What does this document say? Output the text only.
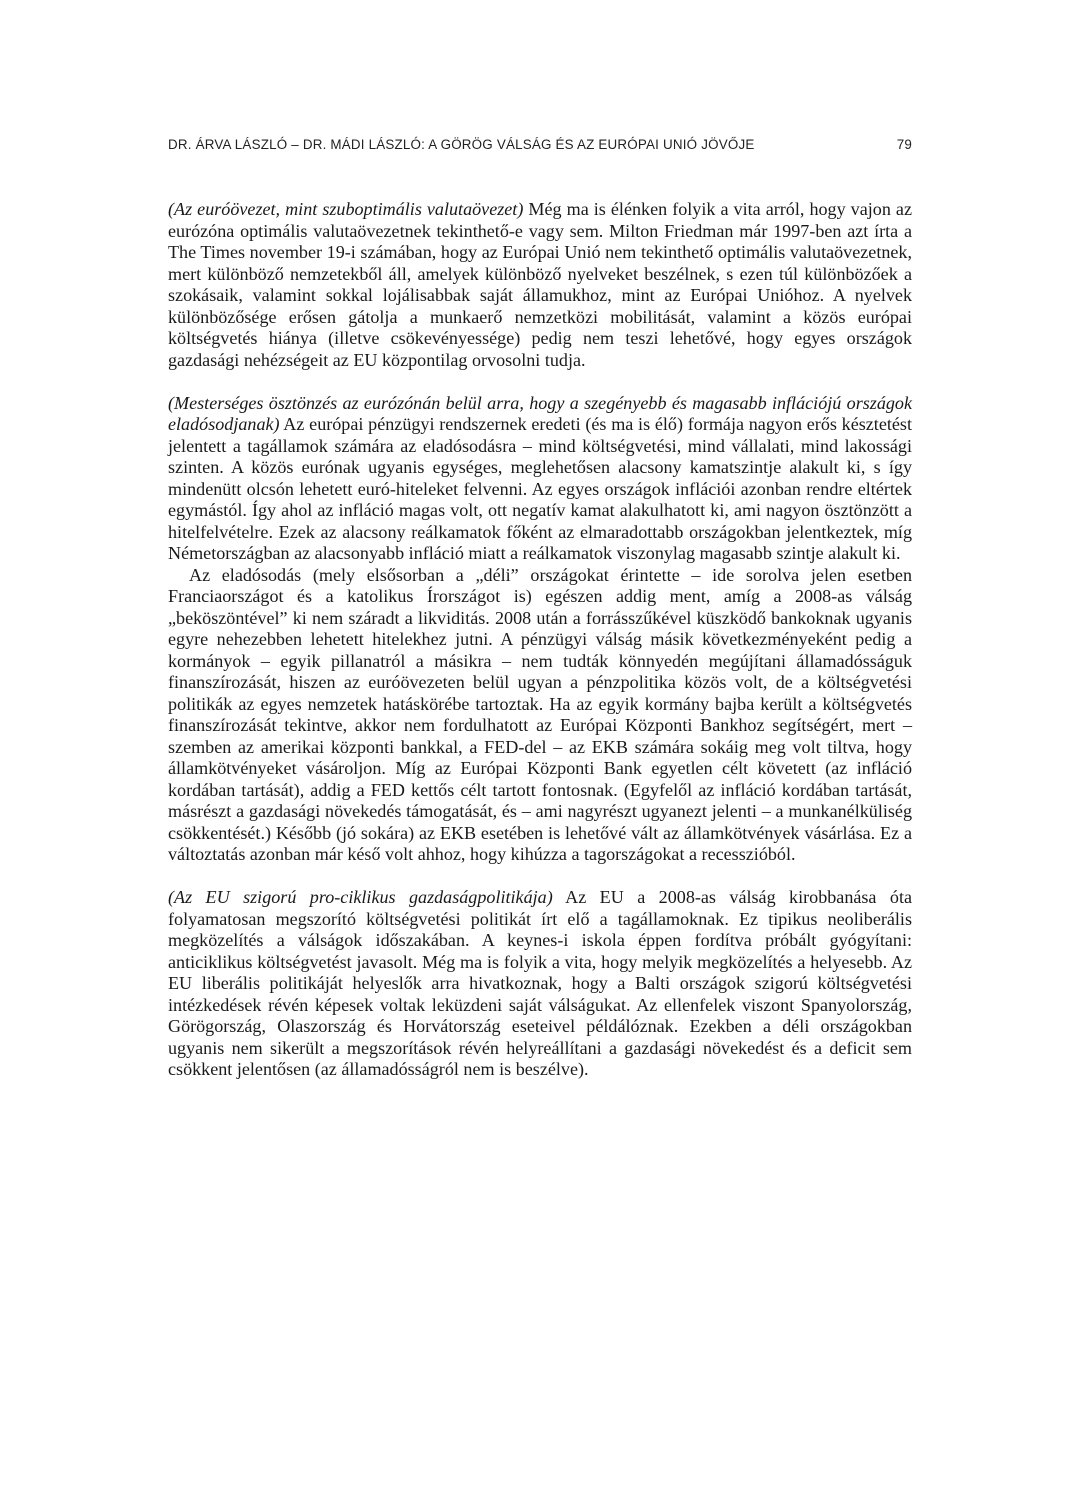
DR. ÁRVA LÁSZLÓ – DR. MÁDI LÁSZLÓ: A GÖRÖG VÁLSÁG ÉS AZ EURÓPAI UNIÓ JÖVŐJE	79

(Az euróövezet, mint szuboptimális valutaövezet) Még ma is élénken folyik a vita arról, hogy vajon az eurózóna optimális valutaövezetnek tekinthető-e vagy sem. Milton Friedman már 1997-ben azt írta a The Times november 19-i számában, hogy az Európai Unió nem tekinthető optimális valutaövezetnek, mert különböző nemzetekből áll, amelyek különböző nyelveket beszélnek, s ezen túl különbözőek a szokásaik, valamint sokkal lojálisabbak saját államukhoz, mint az Európai Unióhoz. A nyelvek különbözősége erősen gátolja a munkaerő nemzetközi mobilitását, valamint a közös európai költségvetés hiánya (illetve csökevényessége) pedig nem teszi lehetővé, hogy egyes országok gazdasági nehézségeit az EU központilag orvosolni tudja.

(Mesterséges ösztönzés az eurózónán belül arra, hogy a szegényebb és magasabb inflációjú országok eladósodjanak) Az európai pénzügyi rendszernek eredeti (és ma is élő) formája nagyon erős késztetést jelentett a tagállamok számára az eladósodásra – mind költségvetési, mind vállalati, mind lakossági szinten. A közös eurónak ugyanis egységes, meglehetősen alacsony kamatszintje alakult ki, s így mindenütt olcsón lehetett euró-hiteleket felvenni. Az egyes országok inflációi azonban rendre eltértek egymástól. Így ahol az infláció magas volt, ott negatív kamat alakulhatott ki, ami nagyon ösztönzött a hitelfelvételre. Ezek az alacsony reálkamatok főként az elmaradottabb országokban jelentkeztek, míg Németországban az alacsonyabb infláció miatt a reálkamatok viszonylag magasabb szintje alakult ki.

Az eladósodás (mely elsősorban a „déli” országokat érintette – ide sorolva jelen esetben Franciaországot és a katolikus Írországot is) egészen addig ment, amíg a 2008-as válság „beköszöntével” ki nem száradt a likviditás. 2008 után a forrásszűkével küszködő bankoknak ugyanis egyre nehezebben lehetett hitelekhez jutni. A pénzügyi válság másik következményeként pedig a kormányok – egyik pillanatról a másikra – nem tudták könnyedén megújítani államadósságuk finanszírozását, hiszen az euróövezeten belül ugyan a pénzpolitika közös volt, de a költségvetési politikák az egyes nemzetek hatáskörébe tartoztak. Ha az egyik kormány bajba került a költségvetés finanszírozását tekintve, akkor nem fordulhatott az Európai Központi Bankhoz segítségért, mert – szemben az amerikai központi bankkal, a FED-del – az EKB számára sokáig meg volt tiltva, hogy államkötvényeket vásároljon. Míg az Európai Központi Bank egyetlen célt követett (az infláció kordában tartását), addig a FED kettős célt tartott fontosnak. (Egyfelől az infláció kordában tartását, másrészt a gazdasági növekedés támogatását, és – ami nagyrészt ugyanezt jelenti – a munkanélküliség csökkentését.) Később (jó sokára) az EKB esetében is lehetővé vált az államkötvények vásárlása. Ez a változtatás azonban már késő volt ahhoz, hogy kihúzza a tagországokat a recesszióból.

(Az EU szigorú pro-ciklikus gazdaságpolitikája) Az EU a 2008-as válság kirobbanása óta folyamatosan megszorító költségvetési politikát írt elő a tagállamoknak. Ez tipikus neoliberális megközelítés a válságok időszakában. A keynes-i iskola éppen fordítva próbált gyógyítani: anticiklikus költségvetést javasolt. Még ma is folyik a vita, hogy melyik megközelítés a helyesebb. Az EU liberális politikáját helyeslők arra hivatkoznak, hogy a Balti országok szigorú költségvetési intézkedések révén képesek voltak leküzdeni saját válságukat. Az ellenfelek viszont Spanyolország, Görögország, Olaszország és Horvátország eseteivel példálóznak. Ezekben a déli országokban ugyanis nem sikerült a megszorítások révén helyreállítani a gazdasági növekedést és a deficit sem csökkent jelentősen (az államadósságról nem is beszélve).
